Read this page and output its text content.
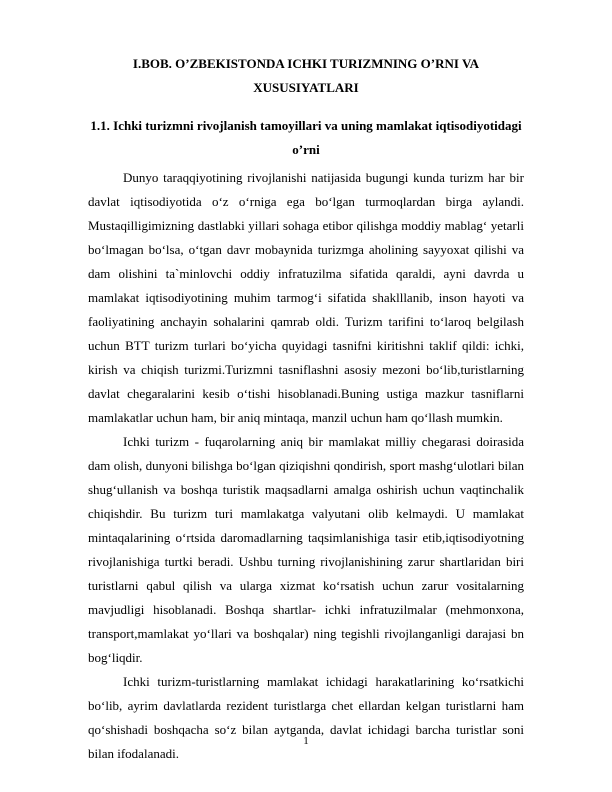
I.BOB. O’ZBEKISTONDA ICHKI TURIZMNING O’RNI VA XUSUSIYATLARI
1.1. Ichki turizmni rivojlanish tamoyillari va uning mamlakat iqtisodiyotidagi o’rni

Dunyo taraqqiyotining rivojlanishi natijasida bugungi kunda turizm har bir davlat iqtisodiyotida o‘z o‘rniga ega bo‘lgan turmoqlardan birga aylandi. Mustaqilligimizning dastlabki yillari sohaga etibor qilishga moddiy mablag‘ yetarli bo‘lmagan bo‘lsa, o‘tgan davr mobaynida turizmga aholining sayyoxat qilishi va dam olishini ta`minlovchi oddiy infratuzilma sifatida qaraldi, ayni davrda u mamlakat iqtisodiyotining muhim tarmog‘i sifatida shaklllanib, inson hayoti va faoliyatining anchayin sohalarini qamrab oldi. Turizm tarifini to‘laroq belgilash uchun BTT turizm turlari bo‘yicha quyidagi tasnifni kiritishni taklif qildi: ichki, kirish va chiqish turizmi.Turizmni tasniflashni asosiy mezoni bo‘lib,turistlarning davlat chegaralarini kesib o‘tishi hisoblanadi.Buning ustiga mazkur tasniflarni mamlakatlar uchun ham, bir aniq mintaqa, manzil uchun ham qo‘llash mumkin.

Ichki turizm - fuqarolarning aniq bir mamlakat milliy chegarasi doirasida dam olish, dunyoni bilishga bo‘lgan qiziqishni qondirish, sport mashg‘ulotlari bilan shug‘ullanish va boshqa turistik maqsadlarni amalga oshirish uchun vaqtinchalik chiqishdir. Bu turizm turi mamlakatga valyutani olib kelmaydi. U mamlakat mintaqalarining o‘rtsida daromadlarning taqsimlanishiga tasir etib,iqtisodiyotning rivojlanishiga turtki beradi. Ushbu turning rivojlanishining zarur shartlaridan biri turistlarni qabul qilish va ularga xizmat ko‘rsatish uchun zarur vositalarning mavjudligi hisoblanadi. Boshqa shartlar- ichki infratuzilmalar (mehmonxona, transport,mamlakat yo‘llari va boshqalar) ning tegishli rivojlanganligi darajasi bn bog‘liqdir.

Ichki turizm-turistlarning mamlakat ichidagi harakatlarining ko‘rsatkichi bo‘lib, ayrim davlatlarda rezident turistlarga chet ellardan kelgan turistlarni ham qo‘shishadi boshqacha so‘z bilan aytganda, davlat ichidagi barcha turistlar soni bilan ifodalanadi.

1
